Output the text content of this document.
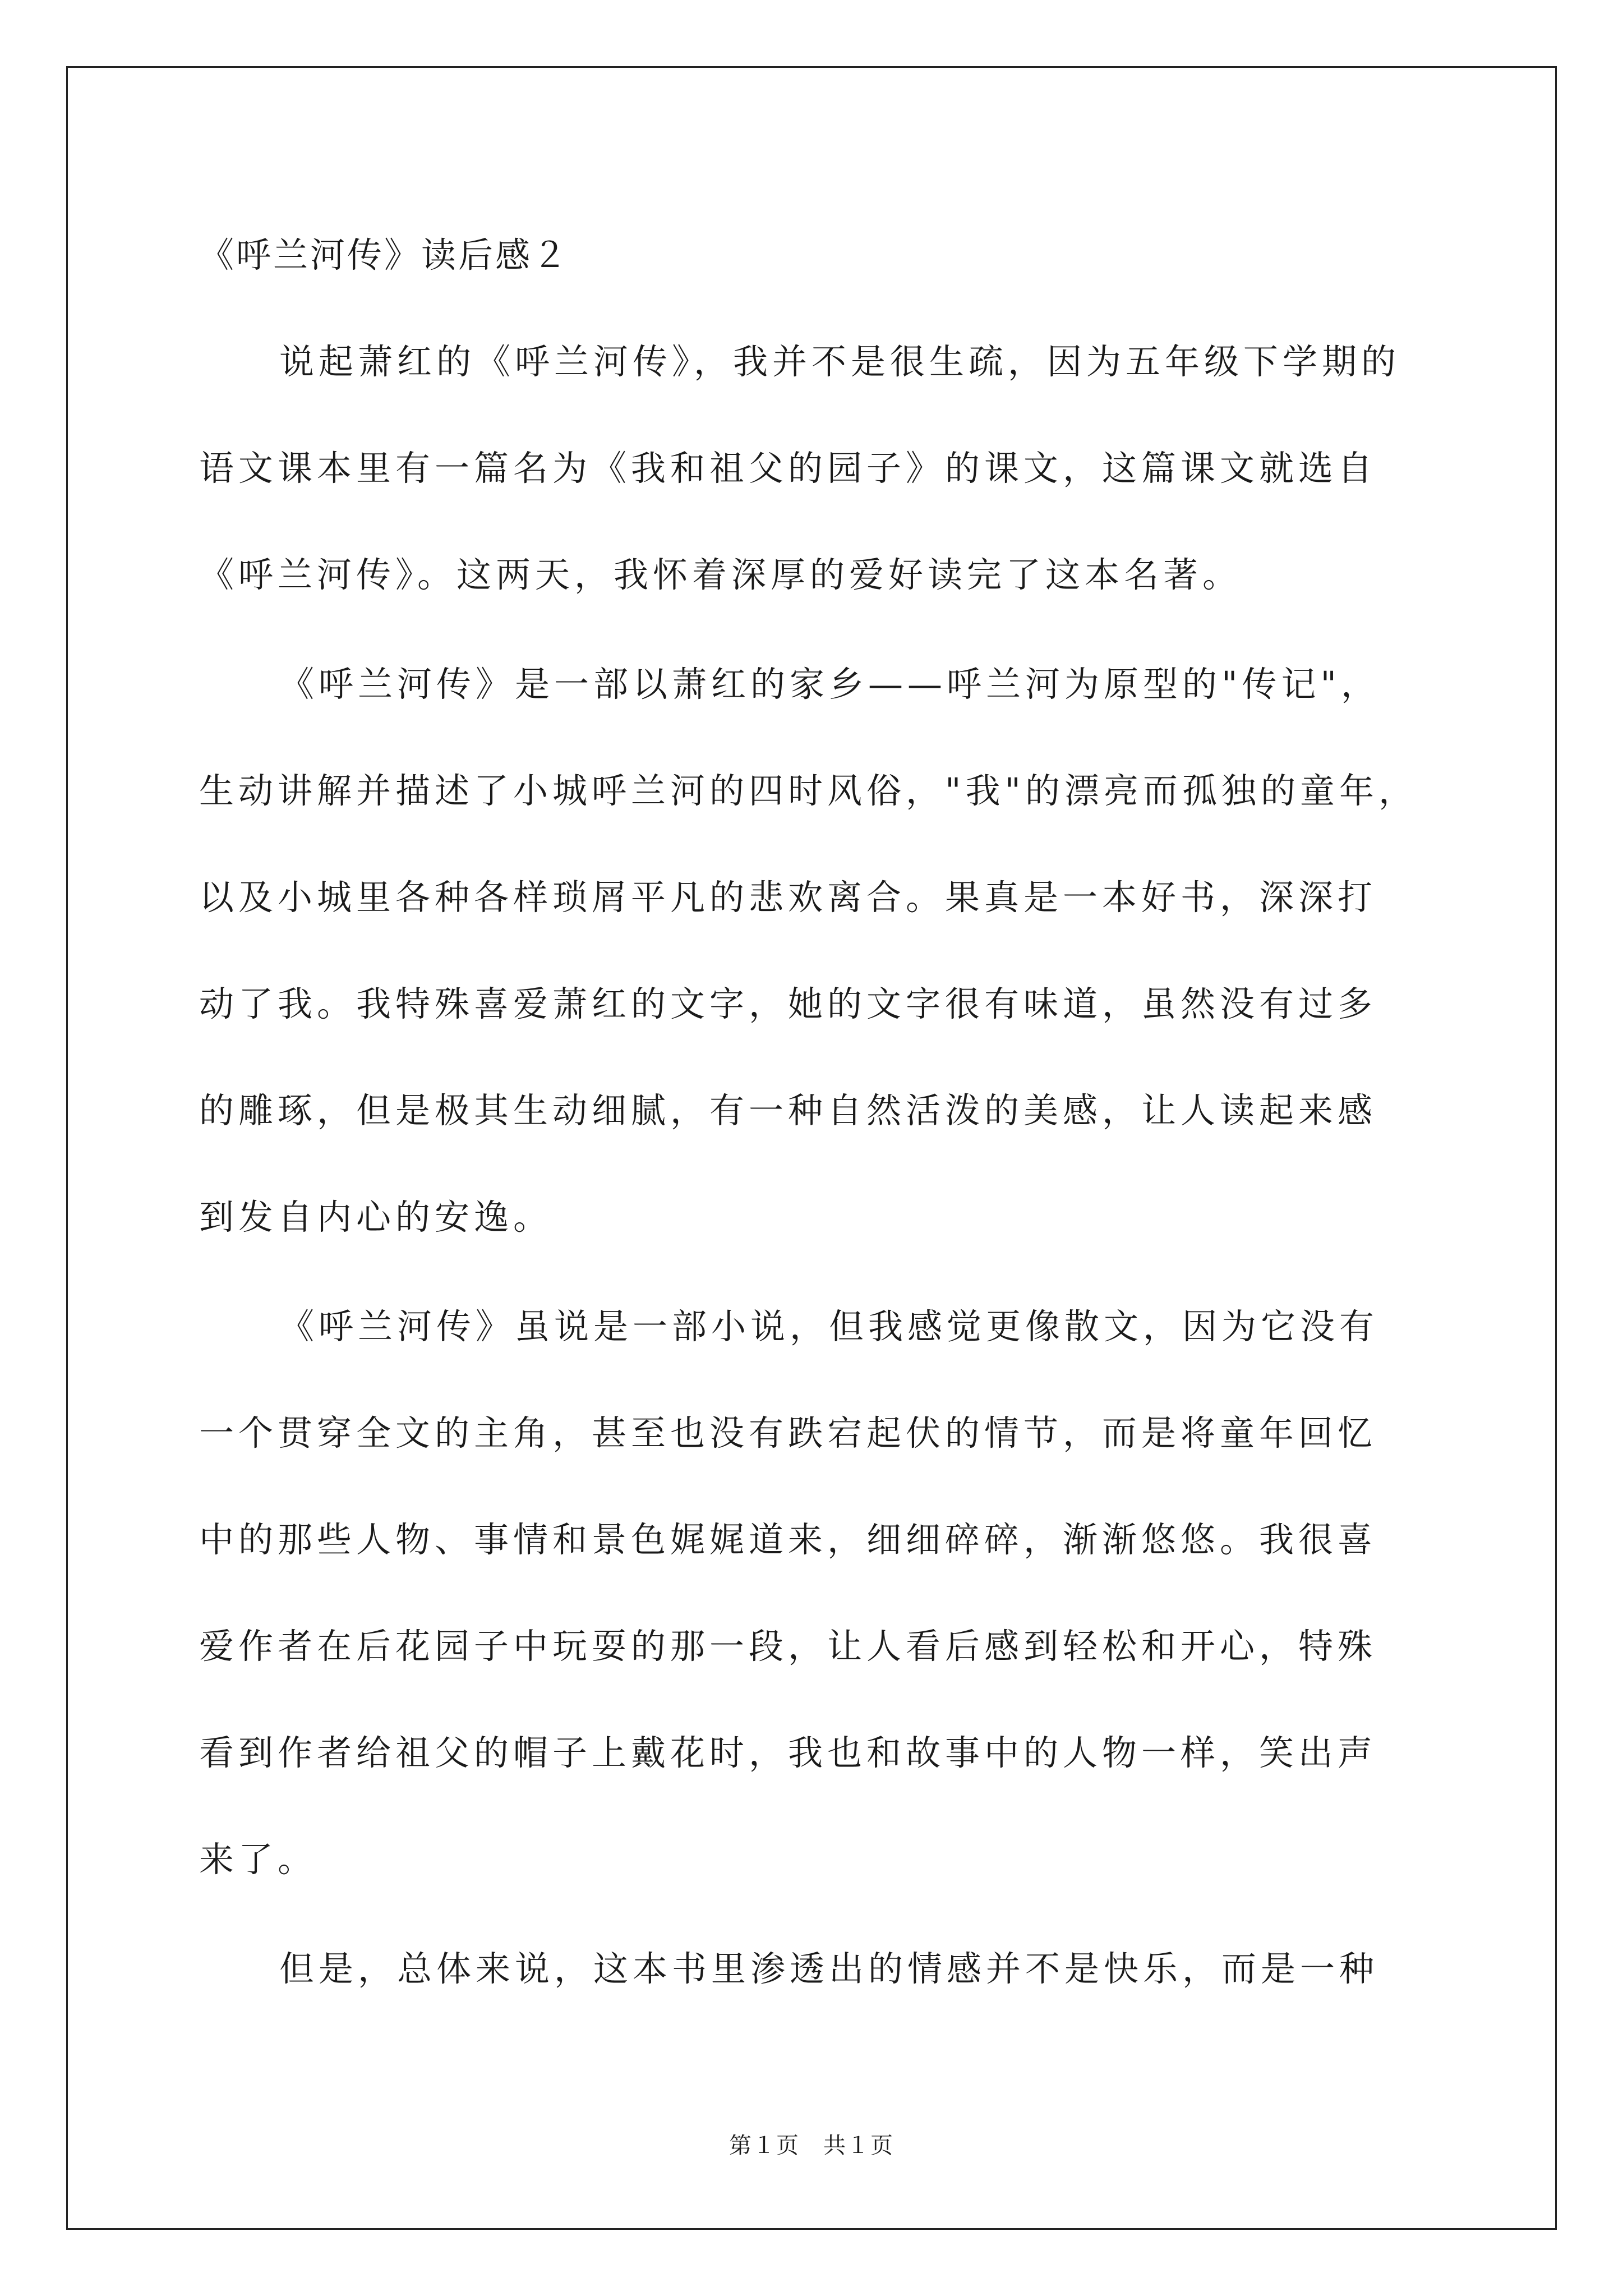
《呼兰河传》读后感２
说起萧红的《呼兰河传》，我并不是很生疏，因为五年级下学期的
语文课本里有一篇名为《我和祖父的园子》的课文，这篇课文就选自
《呼兰河传》。这两天，我怀着深厚的爱好读完了这本名著。
《呼兰河传》是一部以萧红的家乡——呼兰河为原型的"传记"，
生动讲解并描述了小城呼兰河的四时风俗，"我"的漂亮而孤独的童年，
以及小城里各种各样琐屑平凡的悲欢离合。果真是一本好书，深深打
动了我。我特殊喜爱萧红的文字，她的文字很有味道，虽然没有过多
的雕琢，但是极其生动细腻，有一种自然活泼的美感，让人读起来感
到发自内心的安逸。
《呼兰河传》虽说是一部小说，但我感觉更像散文，因为它没有
一个贯穿全文的主角，甚至也没有跌宕起伏的情节，而是将童年回忆
中的那些人物、事情和景色娓娓道来，细细碎碎，渐渐悠悠。我很喜
爱作者在后花园子中玩耍的那一段，让人看后感到轻松和开心，特殊
看到作者给祖父的帽子上戴花时，我也和故事中的人物一样，笑出声
来了。
但是，总体来说，这本书里渗透出的情感并不是快乐，而是一种
第１页　共１页
